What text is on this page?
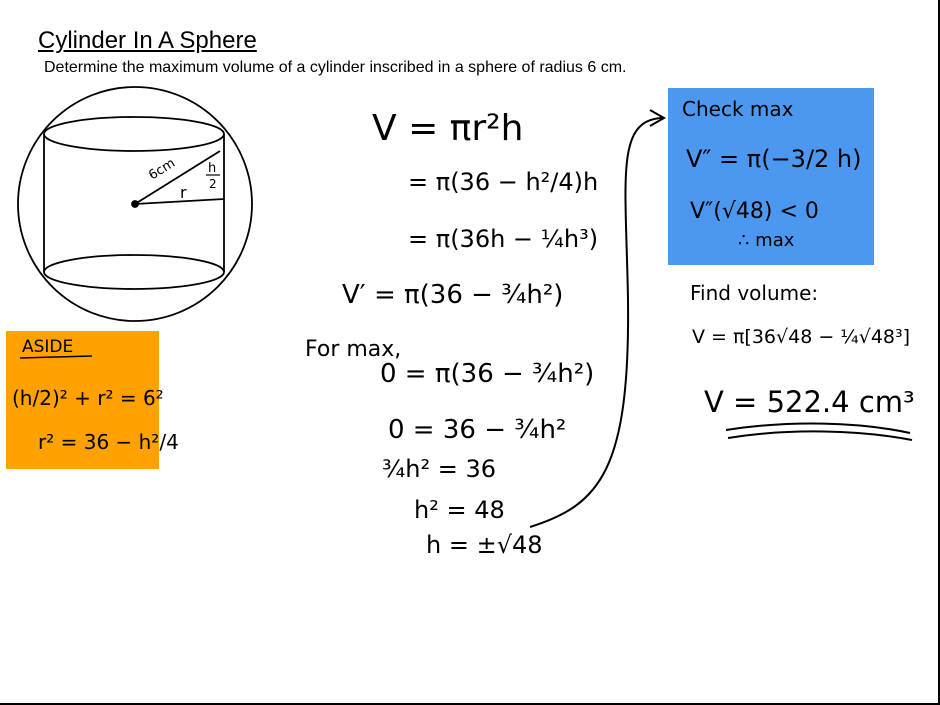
Cylinder In A Sphere
Determine the maximum volume of a cylinder inscribed in a sphere of radius 6 cm.
6cm h
2
r
ASIDE
(h/2)² + r² = 6²
r² = 36 − h²/4
V = πr²h
= π(36 − h²/4)h
= π(36h − ¼h³)
V′ = π(36 − ¾h²)
For max,
0 = π(36 − ¾h²)
0 = 36 − ¾h²
¾h² = 36
h² = 48
h = ±√48
Check max
V″ = π(−3/2 h)
V″(√48) < 0
∴ max
Find volume:
V = π[36√48 − ¼√48³]
V = 522.4 cm³
